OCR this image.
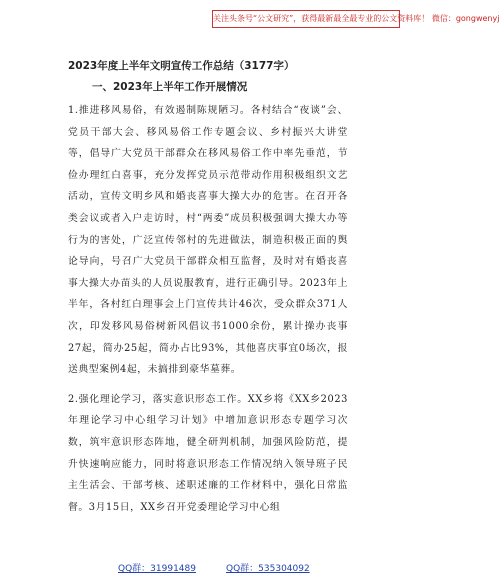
关注头条号“公文研究”，获得最新最全最专业的公文资料库！ 微信：gongwenyj
2023年度上半年文明宣传工作总结（3177字）
一、2023年上半年工作开展情况

1.推进移风易俗，有效遏制陈规陋习。各村结合“夜谈”会、党员干部大会、移风易俗工作专题会议、乡村振兴大讲堂等，倡导广大党员干部群众在移风易俗工作中率先垂范，节俭办理红白喜事，充分发挥党员示范带动作用积极组织文艺活动，宣传文明乡风和婚丧喜事大操大办的危害。在召开各类会议或者入户走访时，村“两委”成员积极强调大操大办等行为的害处，广泛宣传邻村的先进做法，制造积极正面的舆论导向，号召广大党员干部群众相互监督，及时对有婚丧喜事大操大办苗头的人员说服教育，进行正确引导。2023年上半年，各村红白理事会上门宣传共计46次，受众群众371人次，印发移风易俗树新风倡议书1000余份，累计操办丧事27起，简办25起，简办占比93%，其他喜庆事宜0场次，报送典型案例4起，未搞排到豪华墓葬。

2.强化理论学习，落实意识形态工作。XX乡将《XX乡2023年理论学习中心组学习计划》中增加意识形态专题学习次数，筑牢意识形态阵地，健全研判机制，加强风险防范，提升快速响应能力，同时将意识形态工作情况纳入领导班子民主生活会、干部考核、述职述廉的工作材料中，强化日常监督。3月15日，XX乡召开党委理论学习中心组

QQ群：31991489	QQ群：535304092
